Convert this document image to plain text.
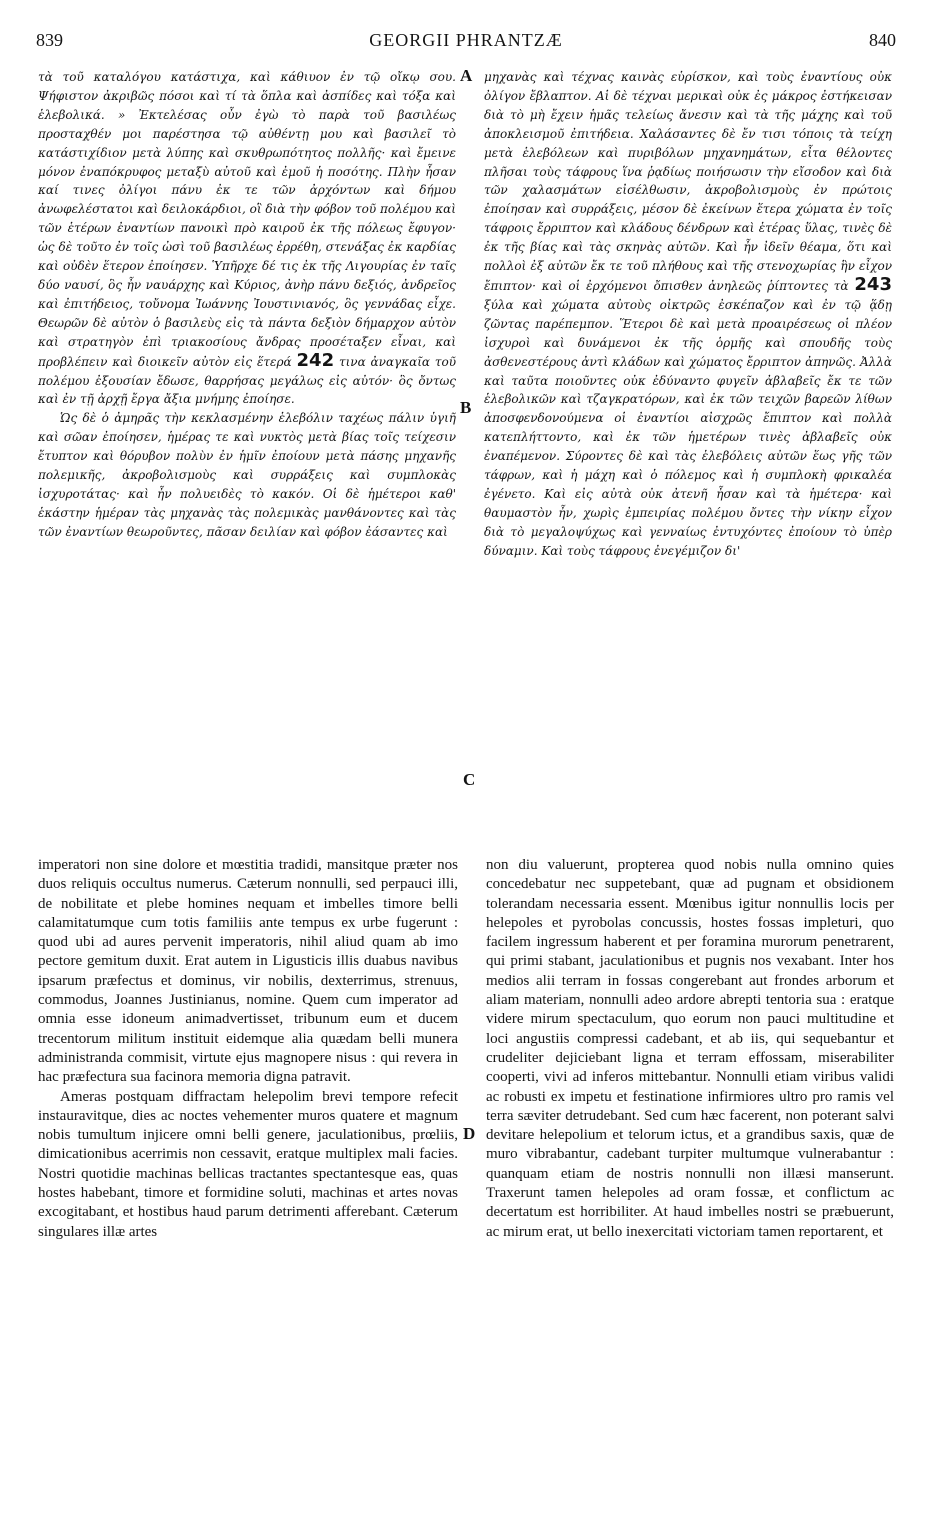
839	GEORGII PHRANTZÆ	840
τὰ τοῦ καταλόγου κατάστιχα, καὶ κάθιυον ἐν τῷ οἴκῳ σου. Ψήφιστον ἀκριβῶς πόσοι καὶ τί τὰ ὅπλα καὶ ἀσπίδες καὶ τόξα καὶ ἑλεβολικά. » Ἐκτελέσας οὖν ἐγὼ τὸ παρὰ τοῦ βασιλέως προσταχθέν μοι παρέστησα τῷ αὐθέντῃ μου καὶ βασιλεῖ τὸ κατάστιχίδιον μετὰ λύπης καὶ σκυθρωπότητος πολλῆς· καὶ ἔμεινε μόνον ἐναπόκρυφος μεταξὺ αὐτοῦ καὶ ἐμοῦ ἡ ποσότης. Πλὴν ἦσαν καί τινες ὀλίγοι πάνυ ἐκ τε τῶν ἀρχόντων καὶ δήμου ἀνωφελέστατοι καὶ δειλοκάρδιοι, οἳ διὰ τὴν φόβον τοῦ πολέμου καὶ τῶν ἑτέρων ἐναντίων πανοικὶ πρὸ καιροῦ ἐκ τῆς πόλεως ἔφυγον· ὡς δὲ τοῦτο ἐν τοῖς ὠσὶ τοῦ βασιλέως ἐρρέθη, στενάξας ἐκ καρδίας καὶ οὐδὲν ἕτερον ἐποίησεν. Ὑπῆρχε δέ τις ἐκ τῆς Λιγουρίας ἐν ταῖς δύο ναυσί, ὃς ἦν ναυάρχης καὶ Κύριος, ἀνὴρ πάνυ δεξιός, ἀνδρεῖος καὶ ἐπιτήδειος, τοὔνομα Ἰωάννης Ἰουστινιανός, ὃς γεννάδας εἶχε. Θεωρῶν δὲ αὐτὸν ὁ βασιλεὺς εἰς τὰ πάντα δεξιὸν δήμαρχον αὐτὸν καὶ στρατηγὸν ἐπὶ τριακοσίους ἄνδρας προσέταξεν εἶναι, καὶ προβλέπειν καὶ διοικεῖν αὐτὸν εἰς ἕτερά 242 τινα ἀναγκαῖα τοῦ πολέμου ἐξουσίαν ἔδωσε, θαρρήσας μεγάλως εἰς αὐτόν· ὃς ὄντως καὶ ἐν τῇ ἀρχῇ ἔργα ἄξια μνήμης ἐποίησε.
Ὡς δὲ ὁ ἀμηρᾶς τὴν κεκλασμένην ἑλεβόλιν ταχέως πάλιν ὑγιῆ καὶ σῶαν ἐποίησεν, ἡμέρας τε καὶ νυκτὸς μετὰ βίας τοῖς τείχεσιν ἔτυπτον καὶ θόρυβον πολὺν ἐν ἡμῖν ἐποίουν μετὰ πάσης μηχανῆς πολεμικῆς, ἀκροβολισμοὺς καὶ συρράξεις καὶ συμπλοκὰς ἰσχυροτάτας· καὶ ἦν πολυειδὲς τὸ κακόν. Οἱ δὲ ἡμέτεροι καθ' ἑκάστην ἡμέραν τὰς μηχανὰς τὰς πολεμικὰς μανθάνοντες καὶ τὰς τῶν ἐναντίων θεωροῦντες, πᾶσαν δειλίαν καὶ φόβον ἐάσαντες καὶ
μηχανὰς καὶ τέχνας καινὰς εὑρίσκον, καὶ τοὺς ἐναντίους οὐκ ὀλίγον ἔβλαπτον. Αἱ δὲ τέχναι μερικαὶ οὐκ ἐς μάκρος ἐστήκεισαν διὰ τὸ μὴ ἔχειν ἡμᾶς τελείως ἄνεσιν καὶ τὰ τῆς μάχης καὶ τοῦ ἀποκλεισμοῦ ἐπιτήδεια. Χαλάσαντες δὲ ἔν τισι τόποις τὰ τείχη μετὰ ἑλεβόλεων καὶ πυριβόλων μηχανημάτων, εἶτα θέλοντες πλῆσαι τοὺς τάφρους ἵνα ῥᾳδίως ποιήσωσιν τὴν εἴσοδον καὶ διὰ τῶν χαλασμάτων εἰσέλθωσιν, ἀκροβολισμοὺς ἐν πρώτοις ἐποίησαν καὶ συρράξεις, μέσον δὲ ἐκείνων ἕτερα χώματα ἐν τοῖς τάφροις ἔρριπτον καὶ κλάδους δένδρων καὶ ἑτέρας ὕλας, τινὲς δὲ ἐκ τῆς βίας καὶ τὰς σκηνὰς αὐτῶν. Καὶ ἦν ἰδεῖν θέαμα, ὅτι καὶ πολλοὶ ἐξ αὐτῶν ἔκ τε τοῦ πλήθους καὶ τῆς στενοχωρίας ἣν εἶχον ἔπιπτον· καὶ οἱ ἐρχόμενοι ὄπισθεν ἀνηλεῶς ῥίπτοντες τὰ 243 ξύλα καὶ χώματα αὐτοὺς οἰκτρῶς ἐσκέπαζον καὶ ἐν τῷ ᾅδῃ ζῶντας παρέπεμπον. Ἕτεροι δὲ καὶ μετὰ προαιρέσεως οἱ πλέον ἰσχυροὶ καὶ δυνάμενοι ἐκ τῆς ὁρμῆς καὶ σπουδῆς τοὺς ἀσθενεστέρους ἀντὶ κλάδων καὶ χώματος ἔρριπτον ἀπηνῶς. Ἀλλὰ καὶ ταῦτα ποιοῦντες οὐκ ἐδύναντο φυγεῖν ἀβλαβεῖς ἔκ τε τῶν ἑλεβολικῶν καὶ τζαγκρατόρων, καὶ ἐκ τῶν τειχῶν βαρεῶν λίθων ἀποσφενδονούμενα οἱ ἐναντίοι αἰσχρῶς ἔπιπτον καὶ πολλὰ κατεπλήττοντο, καὶ ἐκ τῶν ἡμετέρων τινὲς ἀβλαβεῖς οὐκ ἐναπέμενον. Σύροντες δὲ καὶ τὰς ἑλεβόλεις αὐτῶν ἕως γῆς τῶν τάφρων, καὶ ἡ μάχη καὶ ὁ πόλεμος καὶ ἡ συμπλοκὴ φρικαλέα ἐγένετο. Καὶ εἰς αὐτὰ οὐκ ἀτενῆ ἦσαν καὶ τὰ ἡμέτερα· καὶ θαυμαστὸν ἦν, χωρὶς ἐμπειρίας πολέμου ὄντες τὴν νίκην εἶχον διὰ τὸ μεγαλοψύχως καὶ γενναίως ἐντυχόντες ἐποίουν τὸ ὑπὲρ δύναμιν. Καὶ τοὺς τάφρους ἐνεγέμιζον δι'
A
B
C
D
imperatori non sine dolore et mœstitia tradidi, mansitque præter nos duos reliquis occultus numerus. Cæterum nonnulli, sed perpauci illi, de nobilitate et plebe homines nequam et imbelles timore belli calamitatumque cum totis familiis ante tempus ex urbe fugerunt : quod ubi ad aures pervenit imperatoris, nihil aliud quam ab imo pectore gemitum duxit. Erat autem in Ligusticis illis duabus navibus ipsarum præfectus et dominus, vir nobilis, dexterrimus, strenuus, commodus, Joannes Justinianus, nomine. Quem cum imperator ad omnia esse idoneum animadvertisset, tribunum eum et ducem trecentorum militum instituit eidemque alia quædam belli munera administranda commisit, virtute ejus magnopere nisus : qui revera in hac præfectura sua facinora memoria digna patravit.
Ameras postquam diffractam helepolim brevi tempore refecit instauravitque, dies ac noctes vehementer muros quatere et magnum nobis tumultum injicere omni belli genere, jaculationibus, prœliis, dimicationibus acerrimis non cessavit, eratque multiplex mali facies. Nostri quotidie machinas bellicas tractantes spectantesque eas, quas hostes habebant, timore et formidine soluti, machinas et artes novas excogitabant, et hostibus haud parum detrimenti afferebant. Cæterum singulares illæ artes
non diu valuerunt, propterea quod nobis nulla omnino quies concedebatur nec suppetebant, quæ ad pugnam et obsidionem tolerandam necessaria essent. Mœnibus igitur nonnullis locis per helepoles et pyrobolas concussis, hostes fossas impleturi, quo facilem ingressum haberent et per foramina murorum penetrarent, qui primi stabant, jaculationibus et pugnis nos vexabant. Inter hos medios alii terram in fossas congerebant aut frondes arborum et aliam materiam, nonnulli adeo ardore abrepti tentoria sua : eratque videre mirum spectaculum, quo eorum non pauci multitudine et loci angustiis compressi cadebant, et ab iis, qui sequebantur et crudeliter dejiciebant ligna et terram effossam, miserabiliter cooperti, vivi ad inferos mittebantur. Nonnulli etiam viribus validi ac robusti ex impetu et festinatione infirmiores ultro pro ramis vel terra sæviter detrudebant. Sed cum hæc facerent, non poterant salvi devitare helepolium et telorum ictus, et a grandibus saxis, quæ de muro vibrabantur, cadebant turpiter multumque vulnerabantur : quanquam etiam de nostris nonnulli non illæsi manserunt. Traxerunt tamen helepoles ad oram fossæ, et conflictum ac decertatum est horribiliter. At haud imbelles nostri se præbuerunt, ac mirum erat, ut bello inexercitati victoriam tamen reportarent, et
